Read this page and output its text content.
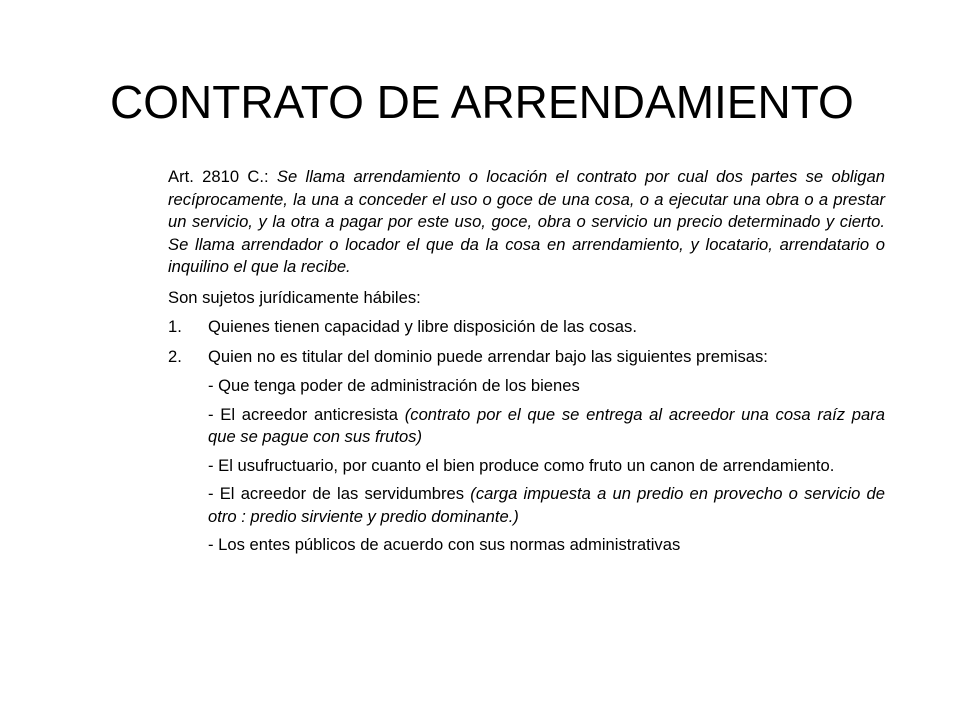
CONTRATO DE ARRENDAMIENTO

Art. 2810 C.: Se llama arrendamiento o locación el contrato por cual dos partes se obligan recíprocamente, la una a conceder el uso o goce de una cosa, o a ejecutar una obra o a prestar un servicio, y la otra a pagar por este uso, goce, obra o servicio un precio determinado y cierto. Se llama arrendador o locador el que da la cosa en arrendamiento, y locatario, arrendatario o inquilino el que la recibe.

Son sujetos jurídicamente hábiles:

1.	Quienes tienen capacidad y libre disposición de las cosas.
2.	Quien no es titular del dominio puede arrendar bajo las siguientes premisas:

- Que tenga poder de administración de los bienes

- El acreedor anticresista (contrato por el que se entrega al acreedor una cosa raíz para que se pague con sus frutos)

- El usufructuario, por cuanto el bien produce como fruto un canon de arrendamiento.

- El acreedor de las servidumbres (carga impuesta a un predio en provecho o servicio de otro : predio sirviente y predio dominante.)

- Los entes públicos de acuerdo con sus normas administrativas
